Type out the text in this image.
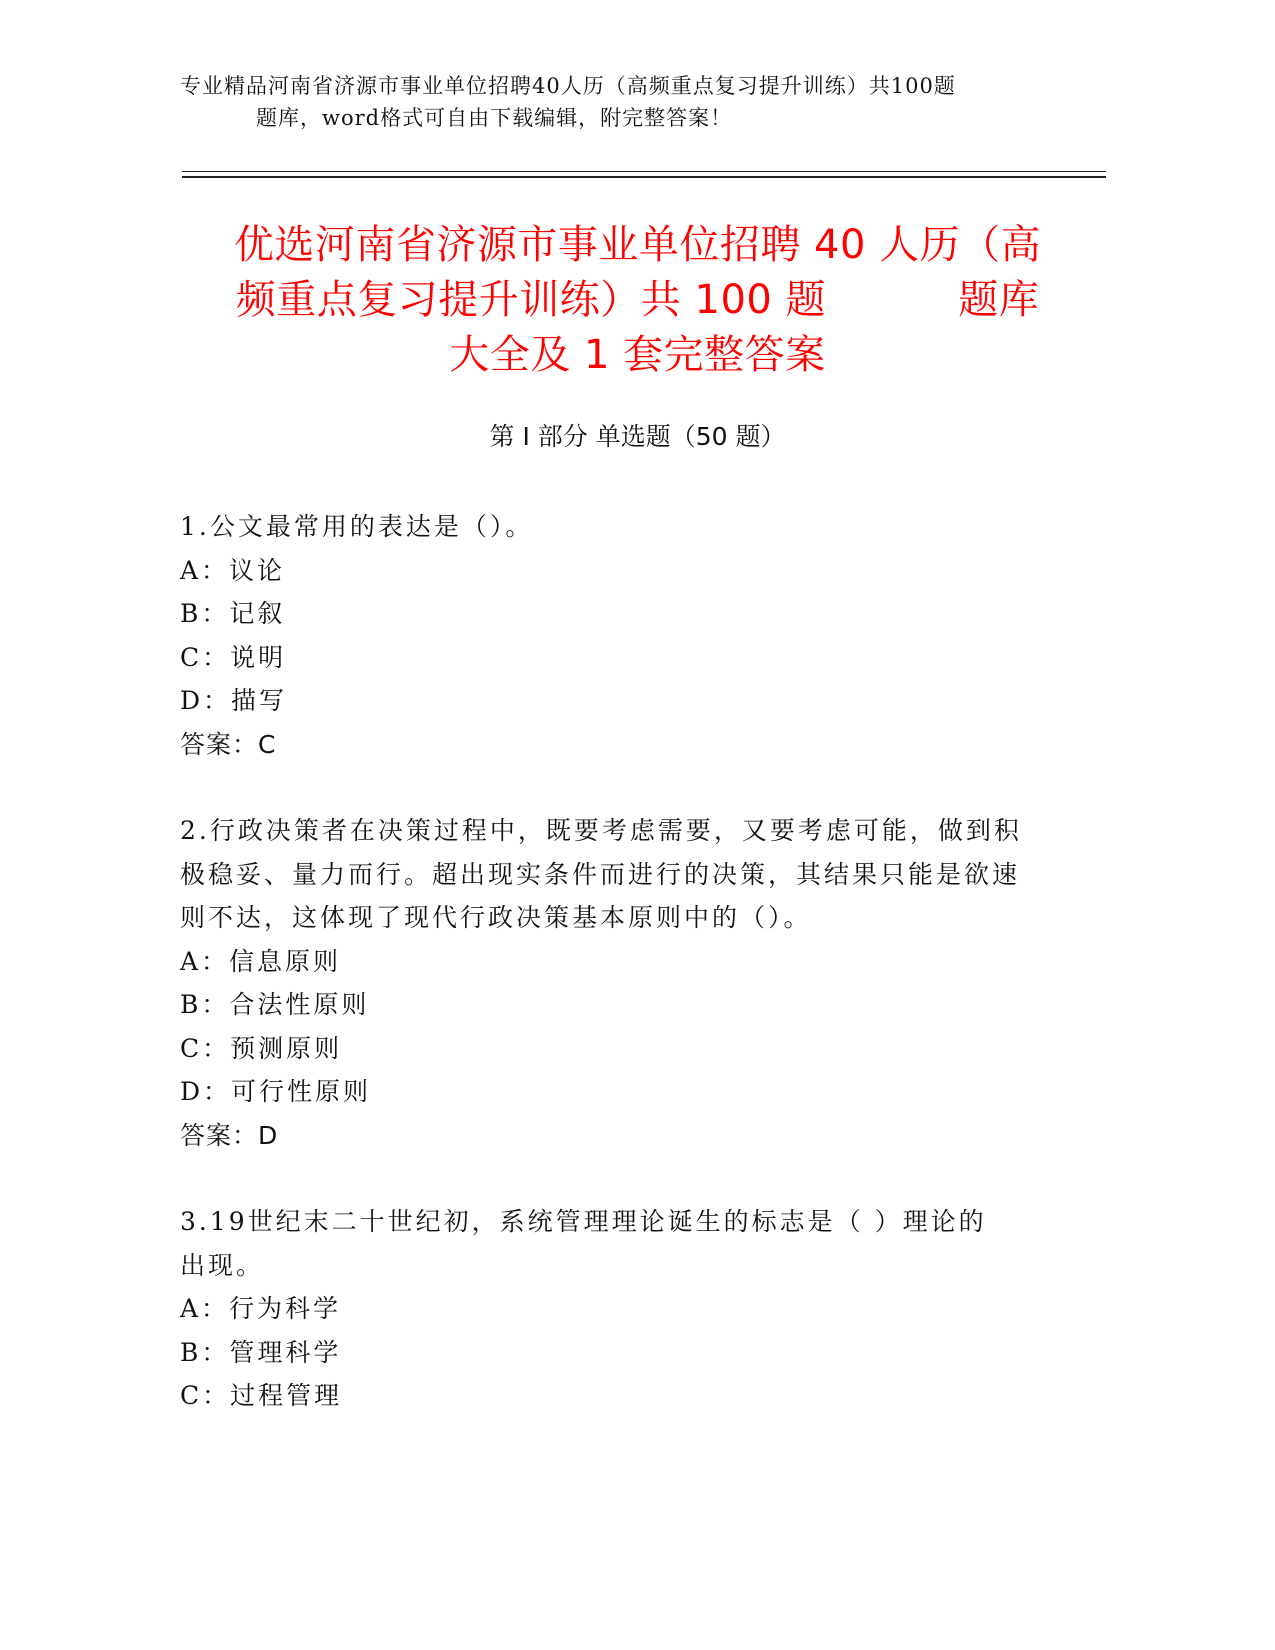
专业精品河南省济源市事业单位招聘40人历（高频重点复习提升训练）共100题
题库，word格式可自由下载编辑，附完整答案！
优选河南省济源市事业单位招聘 40 人历（高
频重点复习提升训练）共 100 题          题库
大全及 1 套完整答案
第 I 部分 单选题（50 题）
1.公文最常用的表达是（）。
A：议论
B：记叙
C：说明
D：描写
答案：C
2.行政决策者在决策过程中，既要考虑需要，又要考虑可能，做到积
极稳妥、量力而行。超出现实条件而进行的决策，其结果只能是欲速
则不达，这体现了现代行政决策基本原则中的（）。
A：信息原则
B：合法性原则
C：预测原则
D：可行性原则
答案：D
3.19世纪末二十世纪初，系统管理理论诞生的标志是（ ）理论的
出现。
A：行为科学
B：管理科学
C：过程管理
